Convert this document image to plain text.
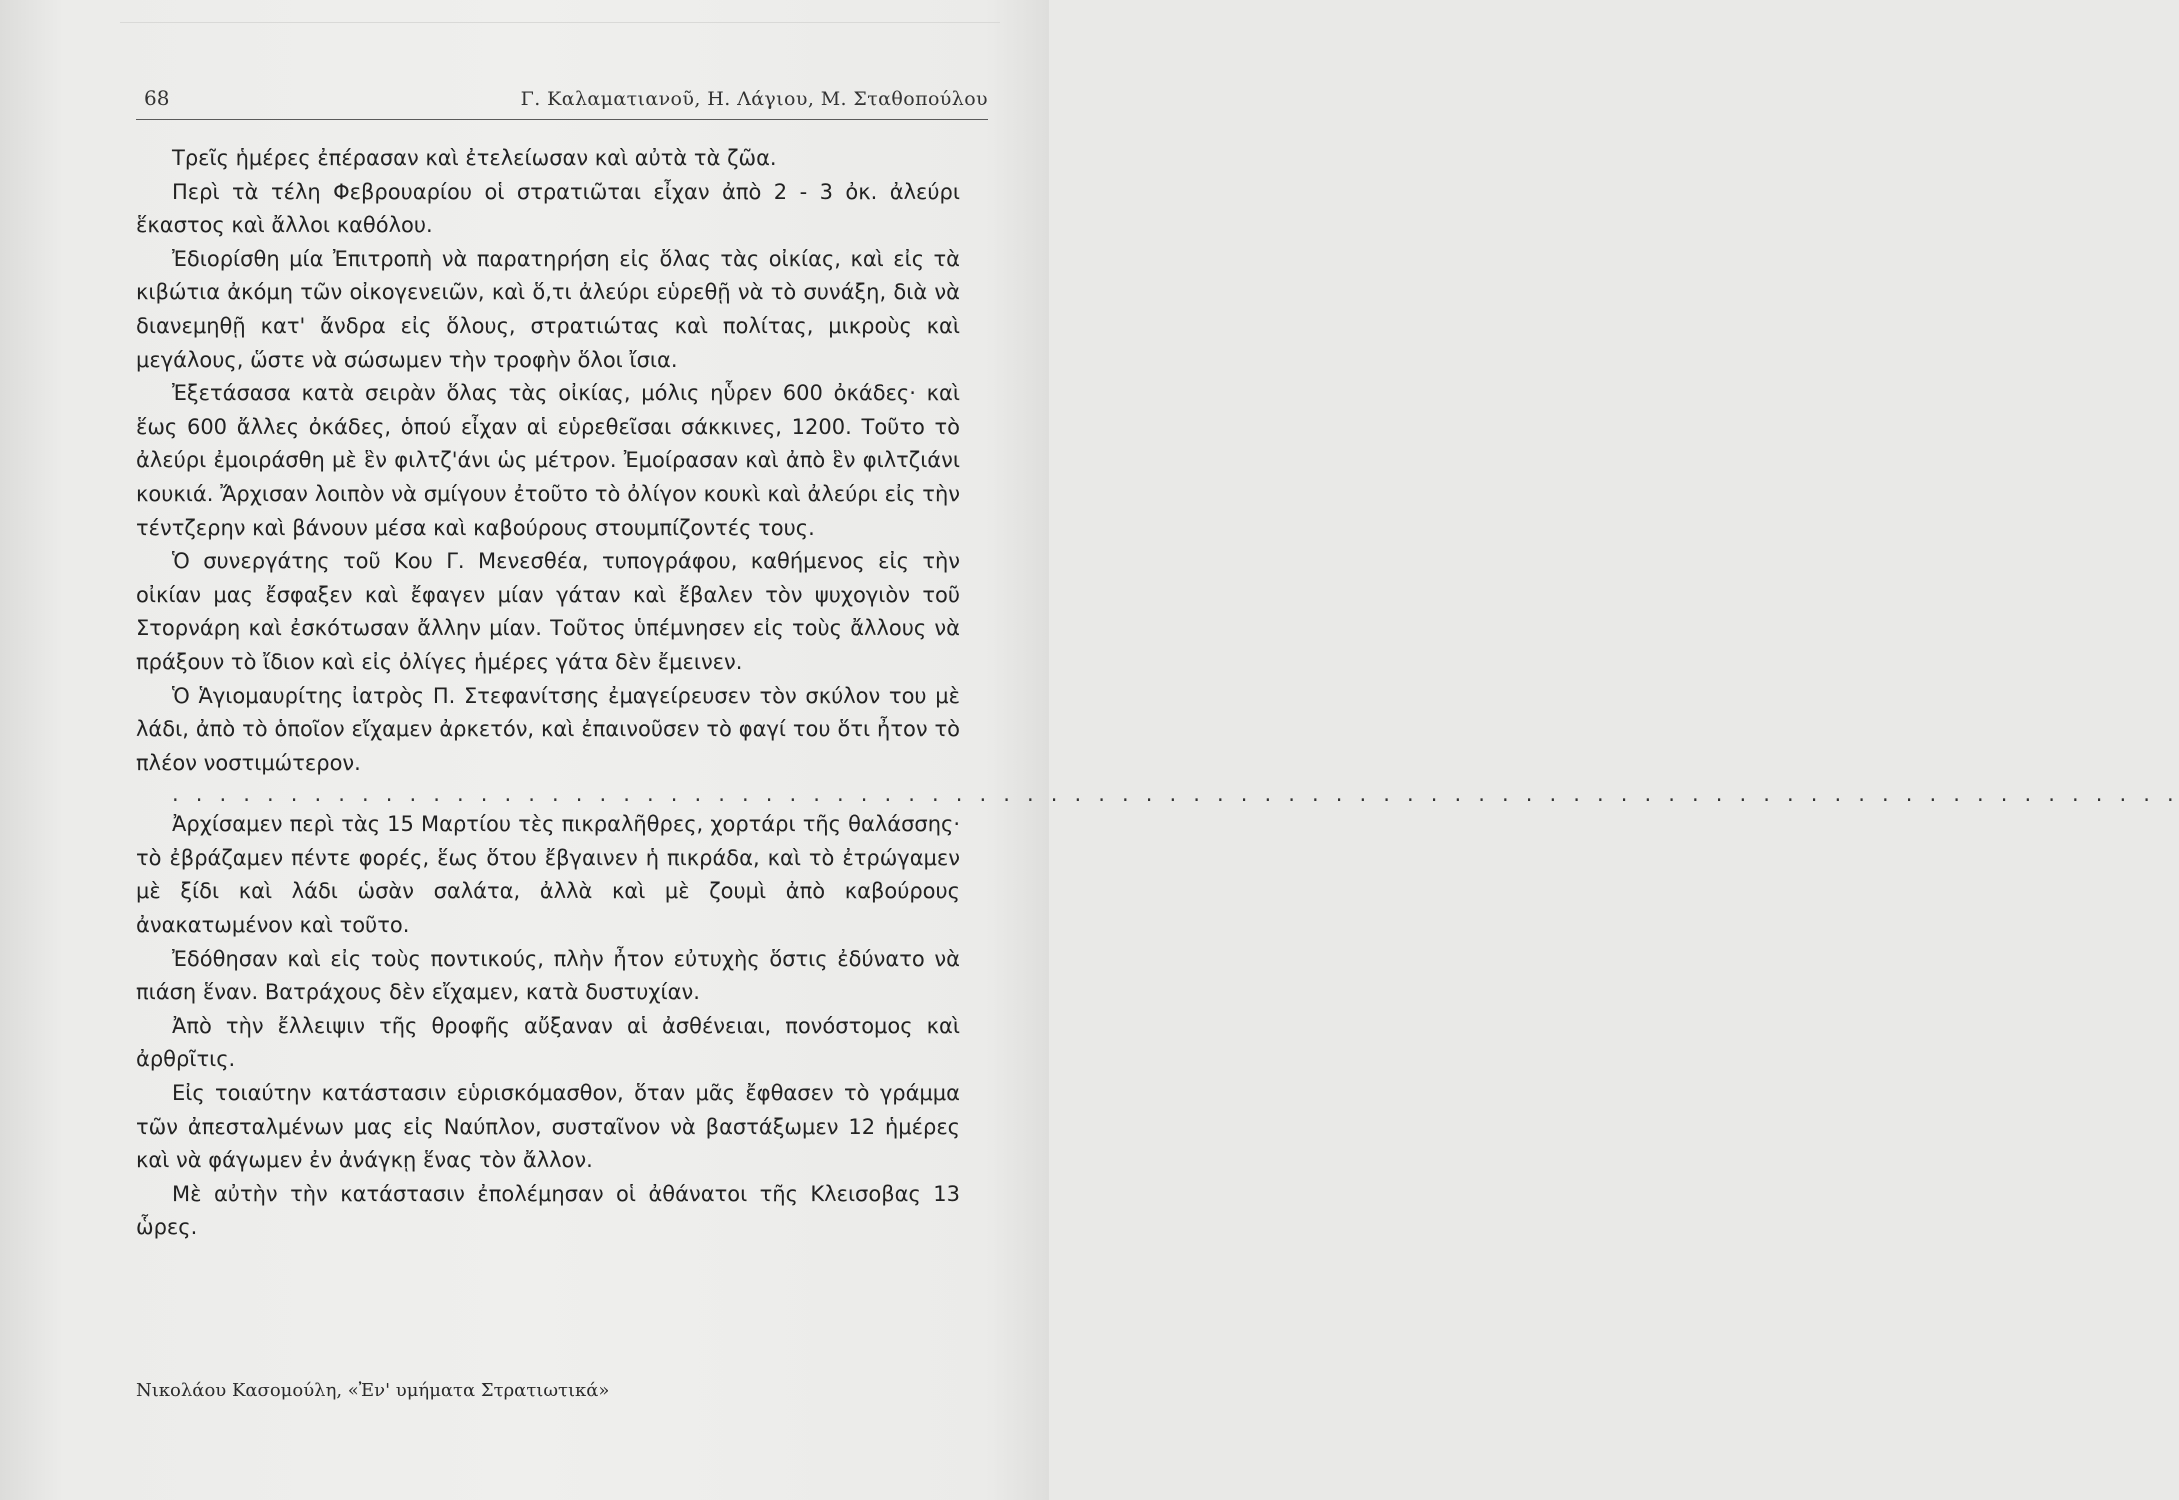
68	Γ. Καλαματιανοῦ, Η. Λάγιου, Μ. Σταθοπούλου

Τρεῖς ἡμέρες ἐπέρασαν καὶ ἐτελείωσαν καὶ αὐτὰ τὰ ζῶα.

Περὶ τὰ τέλη Φεβρουαρίου οἱ στρατιῶται εἶχαν ἀπὸ 2 - 3 ὀκ. ἀλεύρι ἕκαστος καὶ ἄλλοι καθόλου.

Ἐδιορίσθη μία Ἐπιτροπὴ νὰ παρατηρήση εἰς ὅλας τὰς οἰκίας, καὶ εἰς τὰ κιβώτια ἀκόμη τῶν οἰκογενειῶν, καὶ ὅ,τι ἀλεύρι εὑρεθῇ νὰ τὸ συνάξη, διὰ νὰ διανεμηθῇ κατ' ἄνδρα εἰς ὅλους, στρατιώτας καὶ πολίτας, μικροὺς καὶ μεγάλους, ὥστε νὰ σώσωμεν τὴν τροφὴν ὅλοι ἴσια.

Ἐξετάσασα κατὰ σειρὰν ὅλας τὰς οἰκίας, μόλις ηὗρεν 600 ὀκάδες· καὶ ἕως 600 ἄλλες ὀκάδες, ὁπού εἶχαν αἱ εὑρεθεῖσαι σάκκινες, 1200. Τοῦτο τὸ ἀλεύρι ἐμοιράσθη μὲ ἓν φιλτζ'άνι ὡς μέτρον. Ἐμοίρασαν καὶ ἀπὸ ἓν φιλτζιάνι κουκιά. Ἄρχισαν λοιπὸν νὰ σμίγουν ἐτοῦτο τὸ ὀλίγον κουκὶ καὶ ἀλεύρι εἰς τὴν τέντζερην καὶ βάνουν μέσα καὶ καβούρους στουμπίζοντές τους.

Ὁ συνεργάτης τοῦ Κου Γ. Μενεσθέα, τυπογράφου, καθήμενος εἰς τὴν οἰκίαν μας ἔσφαξεν καὶ ἔφαγεν μίαν γάταν καὶ ἔβαλεν τὸν ψυχογιὸν τοῦ Στορνάρη καὶ ἐσκότωσαν ἄλλην μίαν. Τοῦτος ὑπέμνησεν εἰς τοὺς ἄλλους νὰ πράξουν τὸ ἴδιον καὶ εἰς ὀλίγες ἡμέρες γάτα δὲν ἔμεινεν.

Ὁ Ἁγιομαυρίτης ἰατρὸς Π. Στεφανίτσης ἐμαγείρευσεν τὸν σκύλον του μὲ λάδι, ἀπὸ τὸ ὁποῖον εἴχαμεν ἀρκετόν, καὶ ἐπαινοῦσεν τὸ φαγί του ὅτι ἦτον τὸ πλέον νοστιμώτερον.

. . . . . . . . . . . . . . . . . . . . . . . . . . . . . . . . . . . . . . . . . . . . . . . . . . . . . . . . . . . . . . . . . . . . . . . . . . . . . . . . . . . . .

Ἀρχίσαμεν περὶ τὰς 15 Μαρτίου τὲς πικραλῆθρες, χορτάρι τῆς θαλάσσης· τὸ ἐβράζαμεν πέντε φορές, ἕως ὅτου ἔβγαινεν ἡ πικράδα, καὶ τὸ ἐτρώγαμεν μὲ ξίδι καὶ λάδι ὡσὰν σαλάτα, ἀλλὰ καὶ μὲ ζουμὶ ἀπὸ καβούρους ἀνακατωμένον καὶ τοῦτο.

Ἐδόθησαν καὶ εἰς τοὺς ποντικούς, πλὴν ἦτον εὐτυχὴς ὅστις ἐδύνατο νὰ πιάση ἕναν. Βατράχους δὲν εἴχαμεν, κατὰ δυστυχίαν.

Ἀπὸ τὴν ἔλλειψιν τῆς θροφῆς αὔξαναν αἱ ἀσθένειαι, πονόστομος καὶ ἀρθρῖτις.

Εἰς τοιαύτην κατάστασιν εὑρισκόμασθον, ὅταν μᾶς ἔφθασεν τὸ γράμμα τῶν ἀπεσταλμένων μας εἰς Ναύπλον, συσταῖνον νὰ βαστάξωμεν 12 ἡμέρες καὶ νὰ φάγωμεν ἐν ἀνάγκῃ ἕνας τὸν ἄλλον.

Μὲ αὐτὴν τὴν κατάστασιν ἐπολέμησαν οἱ ἀθάνατοι τῆς Κλεισοβας 13 ὧρες.

Νικολάου Κασομούλη, «Ἐν' υμήματα Στρατιωτικά»
